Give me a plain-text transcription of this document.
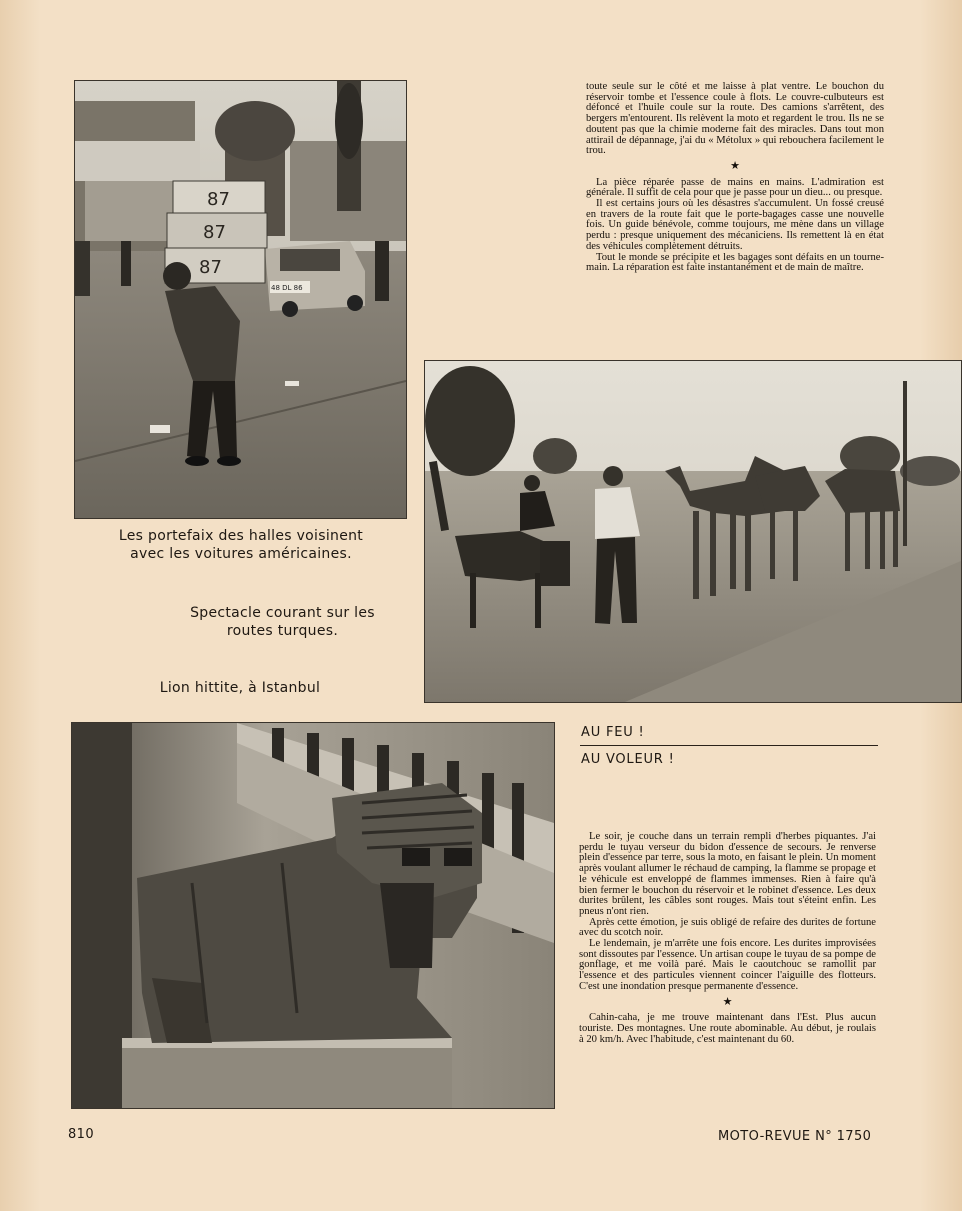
87
87
87
48 DL 86
Les portefaix des halles voisinent
avec les voitures américaines.
Spectacle courant sur les
routes turques.
Lion hittite, à Istanbul

toute seule sur le côté et me laisse à plat ventre. Le bouchon du réservoir tombe et l'essence coule à flots. Le couvre-culbuteurs est défoncé et l'huile coule sur la route. Des camions s'arrêtent, des bergers m'entourent. Ils relèvent la moto et regardent le trou. Ils ne se doutent pas que la chimie moderne fait des miracles. Dans tout mon attirail de dépannage, j'ai du « Métolux » qui rebouchera facilement le trou.

★

La pièce réparée passe de mains en mains. L'admiration est générale. Il suffit de cela pour que je passe pour un dieu... ou presque.

Il est certains jours où les désastres s'accumulent. Un fossé creusé en travers de la route fait que le porte-bagages casse une nouvelle fois. Un guide bénévole, comme toujours, me mène dans un village perdu : presque uniquement des mécaniciens. Ils remettent là en état des véhicules complètement détruits.

Tout le monde se précipite et les bagages sont défaits en un tourne-main. La réparation est faite instantanément et de main de maître.

AU FEU !
AU VOLEUR !

Le soir, je couche dans un terrain rempli d'herbes piquantes. J'ai perdu le tuyau verseur du bidon d'essence de secours. Je renverse plein d'essence par terre, sous la moto, en faisant le plein. Un moment après voulant allumer le réchaud de camping, la flamme se propage et le véhicule est enveloppé de flammes immenses. Rien à faire qu'à bien fermer le bouchon du réservoir et le robinet d'essence. Les deux durites brûlent, les câbles sont rouges. Mais tout s'éteint enfin. Les pneus n'ont rien.

Après cette émotion, je suis obligé de refaire des durites de fortune avec du scotch noir.

Le lendemain, je m'arrête une fois encore. Les durites improvisées sont dissoutes par l'essence. Un artisan coupe le tuyau de sa pompe de gonflage, et me voilà paré. Mais le caoutchouc se ramollit par l'essence et des particules viennent coincer l'aiguille des flotteurs. C'est une inondation presque permanente d'essence.

★

Cahin-caha, je me trouve maintenant dans l'Est. Plus aucun touriste. Des montagnes. Une route abominable. Au début, je roulais à 20 km/h. Avec l'habitude, c'est maintenant du 60.

810	MOTO-REVUE N° 1750
